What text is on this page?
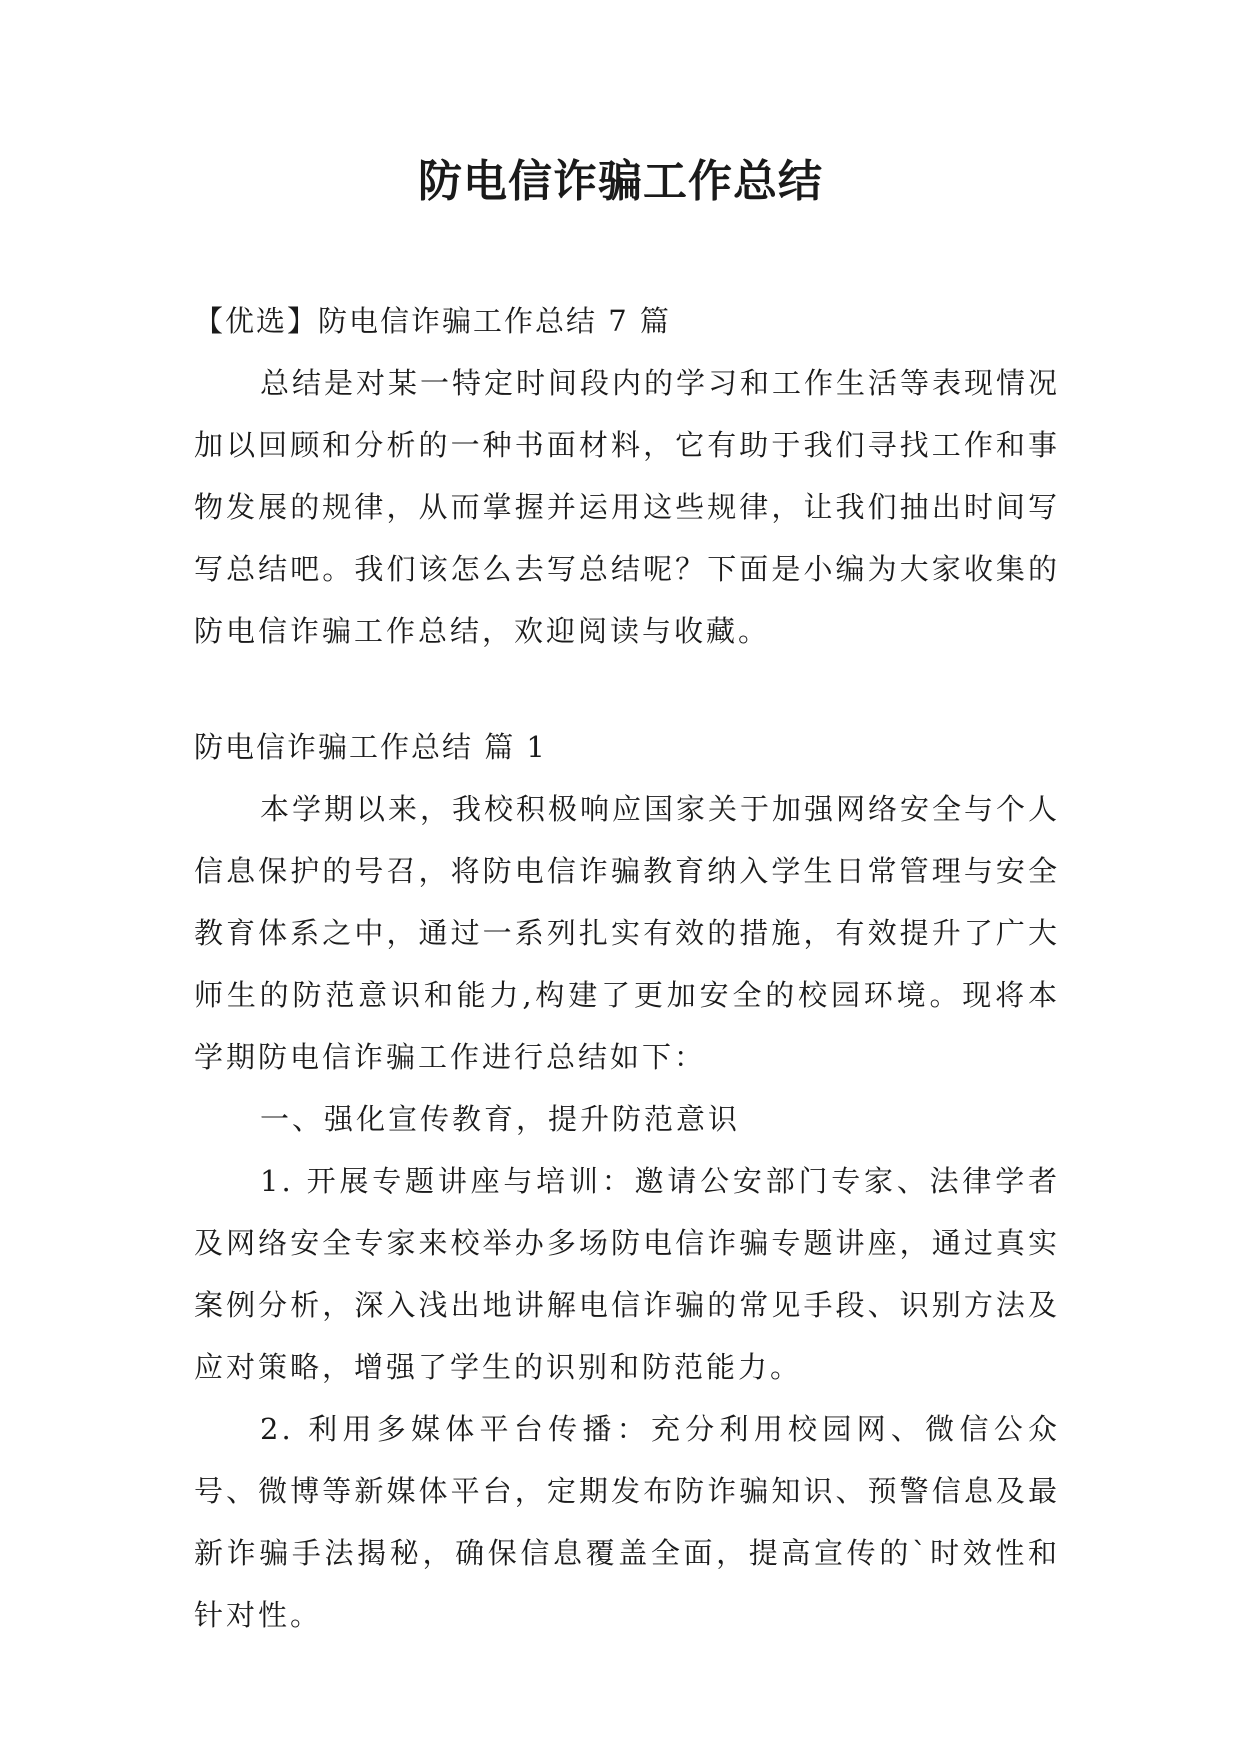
防电信诈骗工作总结

【优选】防电信诈骗工作总结 7 篇

总结是对某一特定时间段内的学习和工作生活等表现情况加以回顾和分析的一种书面材料，它有助于我们寻找工作和事物发展的规律，从而掌握并运用这些规律，让我们抽出时间写写总结吧。我们该怎么去写总结呢？下面是小编为大家收集的防电信诈骗工作总结，欢迎阅读与收藏。

防电信诈骗工作总结 篇 1

本学期以来，我校积极响应国家关于加强网络安全与个人信息保护的号召，将防电信诈骗教育纳入学生日常管理与安全教育体系之中，通过一系列扎实有效的措施，有效提升了广大师生的防范意识和能力,构建了更加安全的校园环境。现将本学期防电信诈骗工作进行总结如下：

一、强化宣传教育，提升防范意识

1. 开展专题讲座与培训：邀请公安部门专家、法律学者及网络安全专家来校举办多场防电信诈骗专题讲座，通过真实案例分析，深入浅出地讲解电信诈骗的常见手段、识别方法及应对策略，增强了学生的识别和防范能力。

2. 利用多媒体平台传播：充分利用校园网、微信公众号、微博等新媒体平台，定期发布防诈骗知识、预警信息及最新诈骗手法揭秘，确保信息覆盖全面，提高宣传的`时效性和针对性。
